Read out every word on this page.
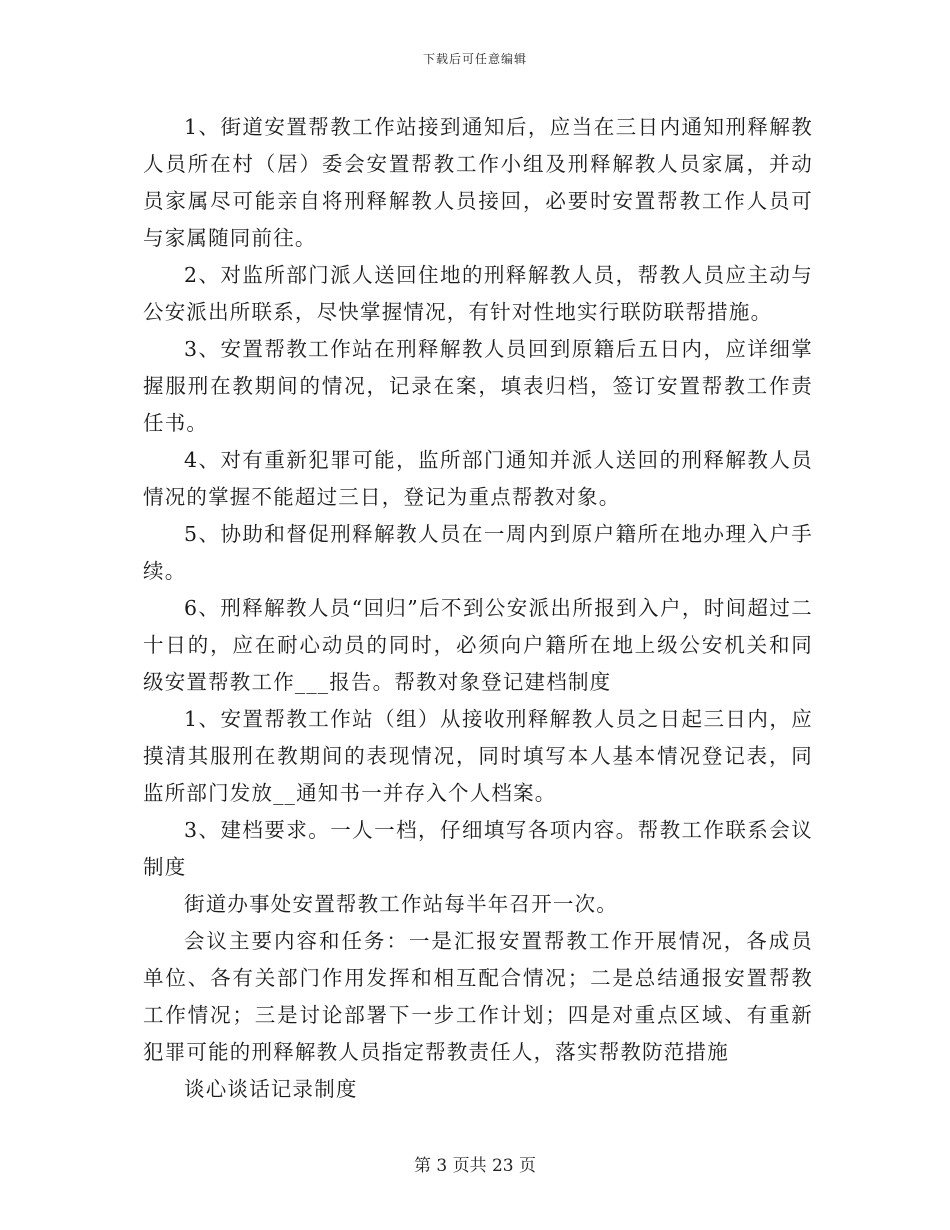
下载后可任意编辑

1、街道安置帮教工作站接到通知后，应当在三日内通知刑释解教人员所在村（居）委会安置帮教工作小组及刑释解教人员家属，并动员家属尽可能亲自将刑释解教人员接回，必要时安置帮教工作人员可与家属随同前往。

2、对监所部门派人送回住地的刑释解教人员，帮教人员应主动与公安派出所联系，尽快掌握情况，有针对性地实行联防联帮措施。

3、安置帮教工作站在刑释解教人员回到原籍后五日内，应详细掌握服刑在教期间的情况，记录在案，填表归档，签订安置帮教工作责任书。

4、对有重新犯罪可能，监所部门通知并派人送回的刑释解教人员情况的掌握不能超过三日，登记为重点帮教对象。

5、协助和督促刑释解教人员在一周内到原户籍所在地办理入户手续。

6、刑释解教人员“回归”后不到公安派出所报到入户，时间超过二十日的，应在耐心动员的同时，必须向户籍所在地上级公安机关和同级安置帮教工作___报告。帮教对象登记建档制度

1、安置帮教工作站（组）从接收刑释解教人员之日起三日内，应摸清其服刑在教期间的表现情况，同时填写本人基本情况登记表，同监所部门发放__通知书一并存入个人档案。

3、建档要求。一人一档，仔细填写各项内容。帮教工作联系会议制度

街道办事处安置帮教工作站每半年召开一次。

会议主要内容和任务：一是汇报安置帮教工作开展情况，各成员单位、各有关部门作用发挥和相互配合情况；二是总结通报安置帮教工作情况；三是讨论部署下一步工作计划；四是对重点区域、有重新犯罪可能的刑释解教人员指定帮教责任人，落实帮教防范措施

谈心谈话记录制度

第 3 页共 23 页
